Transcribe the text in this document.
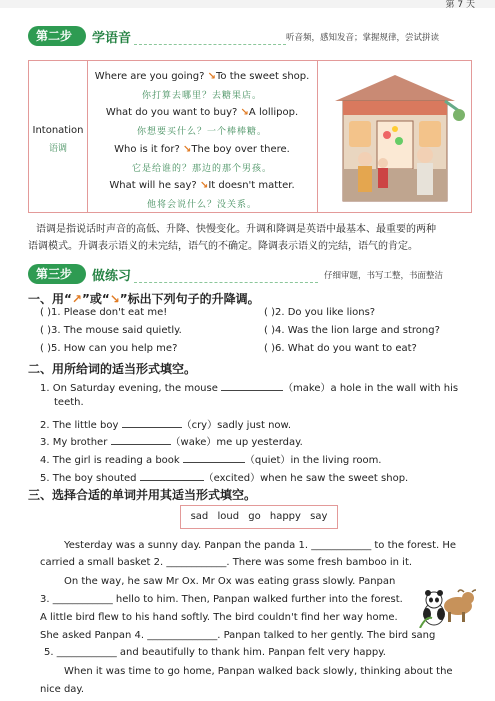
第 7 天
第二步	学语音	听音频，感知发音；掌握规律，尝试拼读
Intonation
语调
Where are you going? ↘To the sweet shop.
你打算去哪里？去糖果店。
What do you want to buy? ↘A lollipop.
你想要买什么？一个棒棒糖。
Who is it for? ↘The boy over there.
它是给谁的？那边的那个男孩。
What will he say? ↘It doesn't matter.
他将会说什么？没关系。
语调是指说话时声音的高低、升降、快慢变化。升调和降调是英语中最基本、最重要的两种
语调模式。升调表示语义的未完结，语气的不确定。降调表示语义的完结，语气的肯定。
第三步	做练习	仔细审题，书写工整，书面整洁
一、用“↗”或“↘”标出下列句子的升降调。
( )1. Please don't eat me!	( )2. Do you like lions?
( )3. The mouse said quietly.	( )4. Was the lion large and strong?
( )5. How can you help me?	( )6. What do you want to eat?
二、用所给词的适当形式填空。
1. On Saturday evening, the mouse	（make）a hole in the wall with his
teeth.
2. The little boy	（cry）sadly just now.
3. My brother	（wake）me up yesterday.
4. The girl is reading a book	（quiet）in the living room.
5. The boy shouted	（excited）when he saw the sweet shop.
三、选择合适的单词并用其适当形式填空。
sad loud go happy say
Yesterday was a sunny day. Panpan the panda 1. ____________ to the forest. He
carried a small basket 2. ____________. There was some fresh bamboo in it.
On the way, he saw Mr Ox. Mr Ox was eating grass slowly. Panpan
3. ____________ hello to him. Then, Panpan walked further into the forest.
A little bird flew to his hand softly. The bird couldn't find her way home.
She asked Panpan 4. ______________. Panpan talked to her gently. The bird sang
5. ____________ and beautifully to thank him. Panpan felt very happy.
When it was time to go home, Panpan walked back slowly, thinking about the
nice day.
